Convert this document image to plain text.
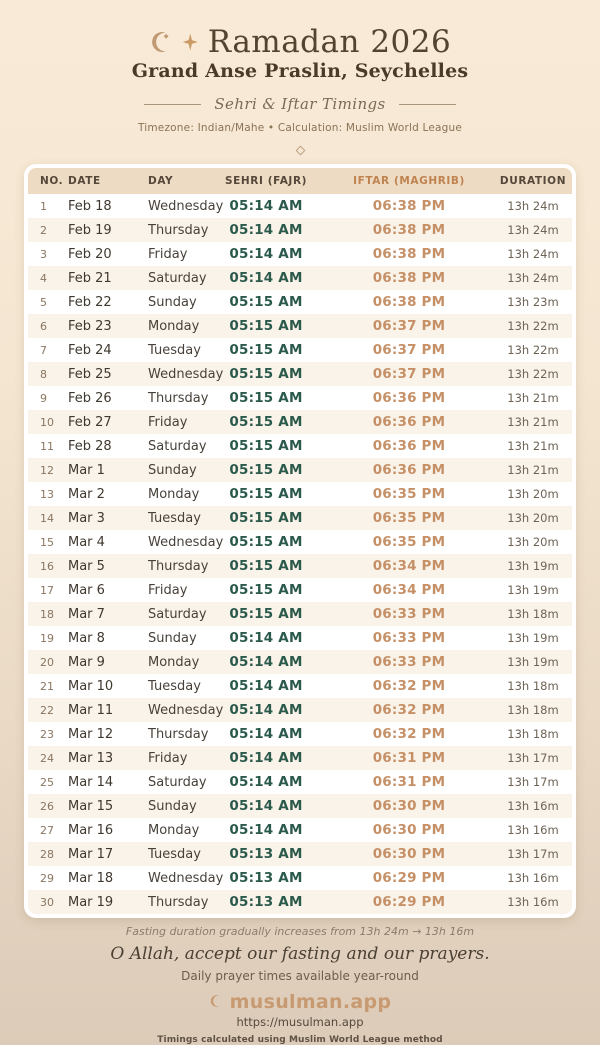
Ramadan 2026
Grand Anse Praslin, Seychelles
Sehri & Iftar Timings
Timezone: Indian/Mahe • Calculation: Muslim World League
NO. DATE	DAY	SEHRI (FAJR)	IFTAR (MAGHRIB)	DURATION
1	Feb 18	Wednesday 05:14 AM	06:38 PM	13h 24m
2	Feb 19	Thursday	05:14 AM	06:38 PM	13h 24m
3	Feb 20	Friday	05:14 AM	06:38 PM	13h 24m
4	Feb 21	Saturday	05:14 AM	06:38 PM	13h 24m
5	Feb 22	Sunday	05:15 AM	06:38 PM	13h 23m
6	Feb 23	Monday	05:15 AM	06:37 PM	13h 22m
7	Feb 24	Tuesday	05:15 AM	06:37 PM	13h 22m
8	Feb 25	Wednesday 05:15 AM	06:37 PM	13h 22m
9	Feb 26	Thursday	05:15 AM	06:36 PM	13h 21m
10	Feb 27	Friday	05:15 AM	06:36 PM	13h 21m
11	Feb 28	Saturday	05:15 AM	06:36 PM	13h 21m
12	Mar 1	Sunday	05:15 AM	06:36 PM	13h 21m
13	Mar 2	Monday	05:15 AM	06:35 PM	13h 20m
14	Mar 3	Tuesday	05:15 AM	06:35 PM	13h 20m
15	Mar 4	Wednesday 05:15 AM	06:35 PM	13h 20m
16	Mar 5	Thursday	05:15 AM	06:34 PM	13h 19m
17	Mar 6	Friday	05:15 AM	06:34 PM	13h 19m
18	Mar 7	Saturday	05:15 AM	06:33 PM	13h 18m
19	Mar 8	Sunday	05:14 AM	06:33 PM	13h 19m
20	Mar 9	Monday	05:14 AM	06:33 PM	13h 19m
21	Mar 10	Tuesday	05:14 AM	06:32 PM	13h 18m
22	Mar 11	Wednesday 05:14 AM	06:32 PM	13h 18m
23	Mar 12	Thursday	05:14 AM	06:32 PM	13h 18m
24	Mar 13	Friday	05:14 AM	06:31 PM	13h 17m
25	Mar 14	Saturday	05:14 AM	06:31 PM	13h 17m
26	Mar 15	Sunday	05:14 AM	06:30 PM	13h 16m
27	Mar 16	Monday	05:14 AM	06:30 PM	13h 16m
28	Mar 17	Tuesday	05:13 AM	06:30 PM	13h 17m
29	Mar 18	Wednesday 05:13 AM	06:29 PM	13h 16m
30	Mar 19	Thursday	05:13 AM	06:29 PM	13h 16m
Fasting duration gradually increases from 13h 24m → 13h 16m
O Allah, accept our fasting and our prayers.
Daily prayer times available year-round
musulman.app
https://musulman.app
Timings calculated using Muslim World League method
